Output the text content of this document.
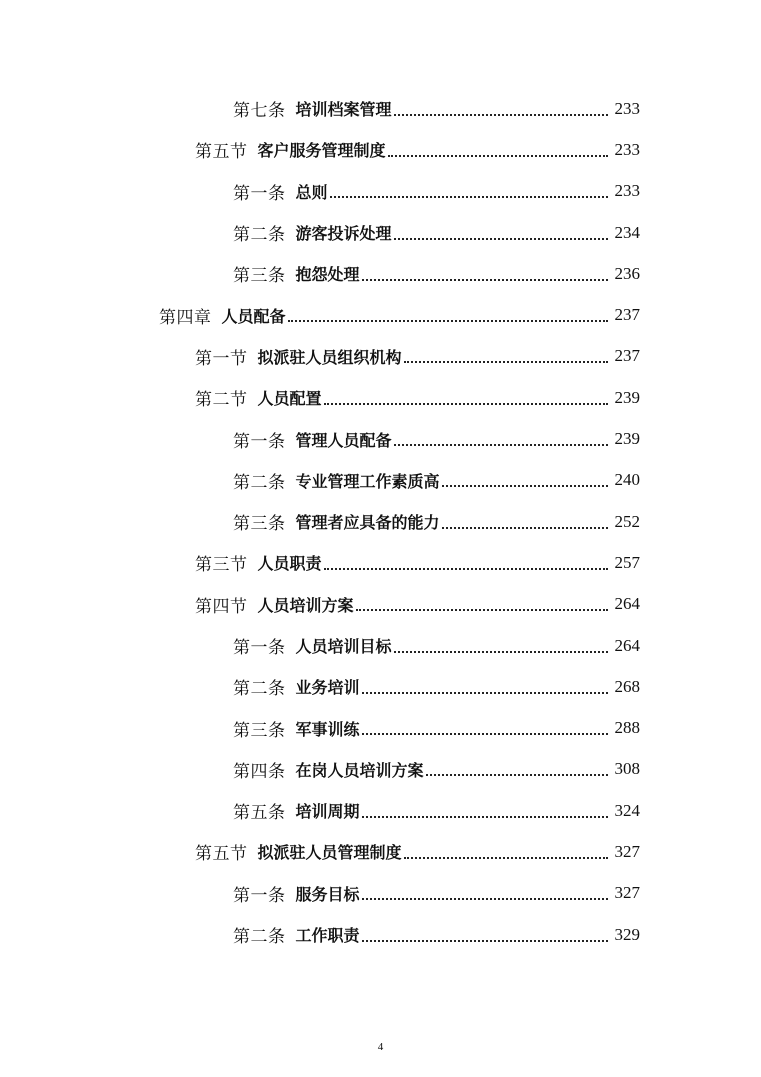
第七条 培训档案管理	233
第五节 客户服务管理制度	233
第一条 总则	233
第二条 游客投诉处理	234
第三条 抱怨处理	236
第四章 人员配备	237
第一节 拟派驻人员组织机构	237
第二节 人员配置	239
第一条 管理人员配备	239
第二条 专业管理工作素质高	240
第三条 管理者应具备的能力	252
第三节 人员职责	257
第四节 人员培训方案	264
第一条 人员培训目标	264
第二条 业务培训	268
第三条 军事训练	288
第四条 在岗人员培训方案	308
第五条 培训周期	324
第五节 拟派驻人员管理制度	327
第一条 服务目标	327
第二条 工作职责	329
4
